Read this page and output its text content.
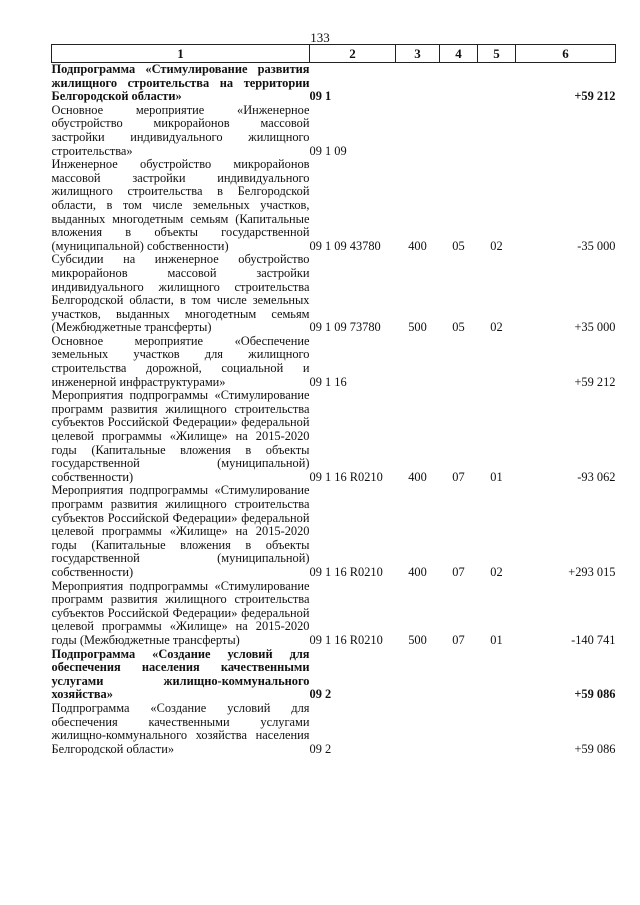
133
1	2	3	4	5	6
Подпрограмма «Стимулирование развития жилищного строительства на территории Белгородской области»	09 1				+59 212
Основное мероприятие «Инженерное обустройство микрорайонов массовой застройки индивидуального жилищного строительства»	09 1 09				
Инженерное обустройство микрорайонов массовой застройки индивидуального жилищного строительства в Белгородской области, в том числе земельных участков, выданных многодетным семьям (Капитальные вложения в объекты государственной (муниципальной) собственности)	09 1 09 43780	400	05	02	-35 000
Субсидии на инженерное обустройство микрорайонов массовой застройки индивидуального жилищного строительства Белгородской области, в том числе земельных участков, выданных многодетным семьям (Межбюджетные трансферты)	09 1 09 73780	500	05	02	+35 000
Основное мероприятие «Обеспечение земельных участков для жилищного строительства дорожной, социальной и инженерной инфраструктурами»	09 1 16				+59 212
Мероприятия подпрограммы «Стимулирование программ развития жилищного строительства субъектов Российской Федерации» федеральной целевой программы «Жилище» на 2015-2020 годы (Капитальные вложения в объекты государственной (муниципальной) собственности)	09 1 16 R0210	400	07	01	-93 062
Мероприятия подпрограммы «Стимулирование программ развития жилищного строительства субъектов Российской Федерации» федеральной целевой программы «Жилище» на 2015-2020 годы (Капитальные вложения в объекты государственной (муниципальной) собственности)	09 1 16 R0210	400	07	02	+293 015
Мероприятия подпрограммы «Стимулирование программ развития жилищного строительства субъектов Российской Федерации» федеральной целевой программы «Жилище» на 2015-2020 годы (Межбюджетные трансферты)	09 1 16 R0210	500	07	01	-140 741
Подпрограмма «Создание условий для обеспечения населения качественными услугами жилищно-коммунального хозяйства»	09 2				+59 086
Подпрограмма «Создание условий для обеспечения качественными услугами жилищно-коммунального хозяйства населения Белгородской области»	09 2				+59 086
